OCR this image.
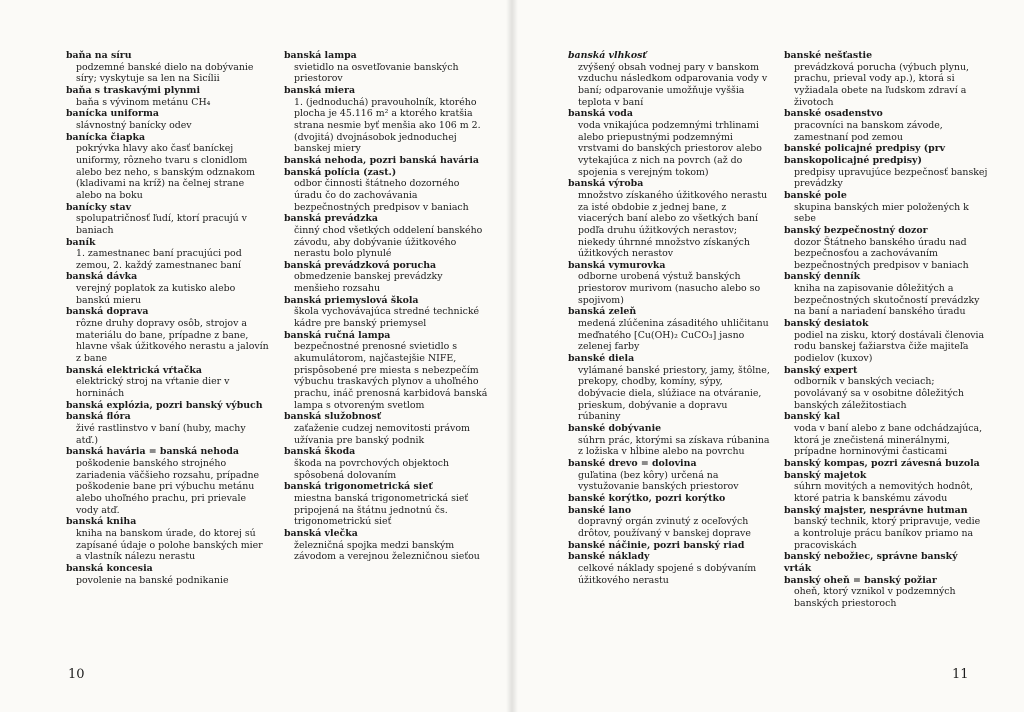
baňa na síru
podzemné banské dielo na dobývanie síry; vyskytuje sa len na Sicílii
baňa s traskavými plynmi
baňa s vývinom metánu CH₄
banícka uniforma
slávnostný banícky odev
banícka čiapka
pokrývka hlavy ako časť baníckej uniformy, rôzneho tvaru s clonidlom alebo bez neho, s banským odznakom (kladivami na kríž) na čelnej strane alebo na boku
banícky stav
spolupatričnosť ľudí, ktorí pracujú v baniach
baník
1. zamestnanec baní pracujúci pod zemou, 2. každý zamestnanec baní
banská dávka
verejný poplatok za kutisko alebo banskú mieru
banská doprava
rôzne druhy dopravy osôb, strojov a materiálu do bane, prípadne z bane, hlavne však úžitkového nerastu a jalovín z bane
banská elektrická vŕtačka
elektrický stroj na vŕtanie dier v horninách
banská explózia, pozri banský výbuch
banská flóra
živé rastlinstvo v baní (huby, machy atď.)
banská havária = banská nehoda
poškodenie banského strojného zariadenia väčšieho rozsahu, prípadne poškodenie bane pri výbuchu metánu alebo uhoľného prachu, pri prievale vody atď.
banská kniha
kniha na banskom úrade, do ktorej sú zapísané údaje o polohe banských mier a vlastník nálezu nerastu
banská koncesia
povolenie na banské podnikanie
banská lampa
svietidlo na osvetľovanie banských priestorov
banská miera
1. (jednoduchá) pravouholník, ktorého plocha je 45.116 m² a ktorého kratšia strana nesmie byť menšia ako 106 m 2. (dvojitá) dvojnásobok jednoduchej banskej miery
banská nehoda, pozri banská havária
banská polícia (zast.)
odbor činnosti štátneho dozorného úradu čo do zachovávania bezpečnostných predpisov v baniach
banská prevádzka
činný chod všetkých oddelení banského závodu, aby dobývanie úžitkového nerastu bolo plynulé
banská prevádzková porucha
obmedzenie banskej prevádzky menšieho rozsahu
banská priemyslová škola
škola vychovávajúca stredné technické kádre pre banský priemysel
banská ručná lampa
bezpečnostné prenosné svietidlo s akumulátorom, najčastejšie NIFE, prispôsobené pre miesta s nebezpečím výbuchu traskavých plynov a uhoľného prachu, ináč prenosná karbidová banská lampa s otvoreným svetlom
banská služobnosť
zaťaženie cudzej nemovitosti právom užívania pre banský podnik
banská škoda
škoda na povrchových objektoch spôsobená dolovaním
banská trigonometrická sieť
miestna banská trigonometrická sieť pripojená na štátnu jednotnú čs. trigonometrickú sieť
banská vlečka
železničná spojka medzi banským závodom a verejnou železničnou sieťou
10
banská vlhkosť
zvýšený obsah vodnej pary v banskom vzduchu následkom odparovania vody v baní; odparovanie umožňuje vyššia teplota v baní
banská voda
voda vnikajúca podzemnými trhlinami alebo priepustnými podzemnými vrstvami do banských priestorov alebo vytekajúca z nich na povrch (až do spojenia s verejným tokom)
banská výroba
množstvo získaného úžitkového nerastu za isté obdobie z jednej bane, z viacerých baní alebo zo všetkých baní podľa druhu úžitkových nerastov; niekedy úhrnné množstvo získaných úžitkových nerastov
banská vymurovka
odborne urobená výstuž banských priestorov murivom (nasucho alebo so spojivom)
banská zeleň
medená zlúčenina zásaditého uhličitanu meďnatého [Cu(OH)₂ CuCO₃] jasno zelenej farby
banské diela
vylámané banské priestory, jamy, štôlne, prekopy, chodby, komíny, sýpy, dobývacie diela, slúžiace na otváranie, prieskum, dobývanie a dopravu rúbaniny
banské dobývanie
súhrn prác, ktorými sa získava rúbanina z ložiska v hĺbine alebo na povrchu
banské drevo = dolovina
guľatina (bez kôry) určená na vystužovanie banských priestorov
banské korýtko, pozri korýtko
banské lano
dopravný orgán zvinutý z oceľových drôtov, používaný v banskej doprave
banské náčinie, pozri banský riad
banské náklady
celkové náklady spojené s dobývaním úžitkového nerastu
banské nešťastie
prevádzková porucha (výbuch plynu, prachu, prieval vody ap.), ktorá si vyžiadala obete na ľudskom zdraví a životoch
banské osadenstvo
pracovníci na banskom závode, zamestnaní pod zemou
banské policajné predpisy (prv banskopolicajné predpisy)
predpisy upravujúce bezpečnosť banskej prevádzky
banské pole
skupina banských mier položených k sebe
banský bezpečnostný dozor
dozor Štátneho banského úradu nad bezpečnosťou a zachovávaním bezpečnostných predpisov v baniach
banský denník
kniha na zapisovanie dôležitých a bezpečnostných skutočností prevádzky na baní a nariadení banského úradu
banský desiatok
podiel na zisku, ktorý dostávali členovia rodu banskej ťažiarstva čiže majiteľa podielov (kuxov)
banský expert
odborník v banských veciach; povolávaný sa v osobitne dôležitých banských záležitostiach
banský kal
voda v baní alebo z bane odchádzajúca, ktorá je znečistená minerálnymi, prípadne horninovými časticami
banský kompas, pozri závesná buzola
banský majetok
súhrn movitých a nemovitých hodnôt, ktoré patria k banskému závodu
banský majster, nesprávne hutman
banský technik, ktorý pripravuje, vedie a kontroluje prácu baníkov priamo na pracoviskách
banský nebožiec, správne banský vrták
banský oheň = banský požiar
oheň, ktorý vznikol v podzemných banských priestoroch
11
